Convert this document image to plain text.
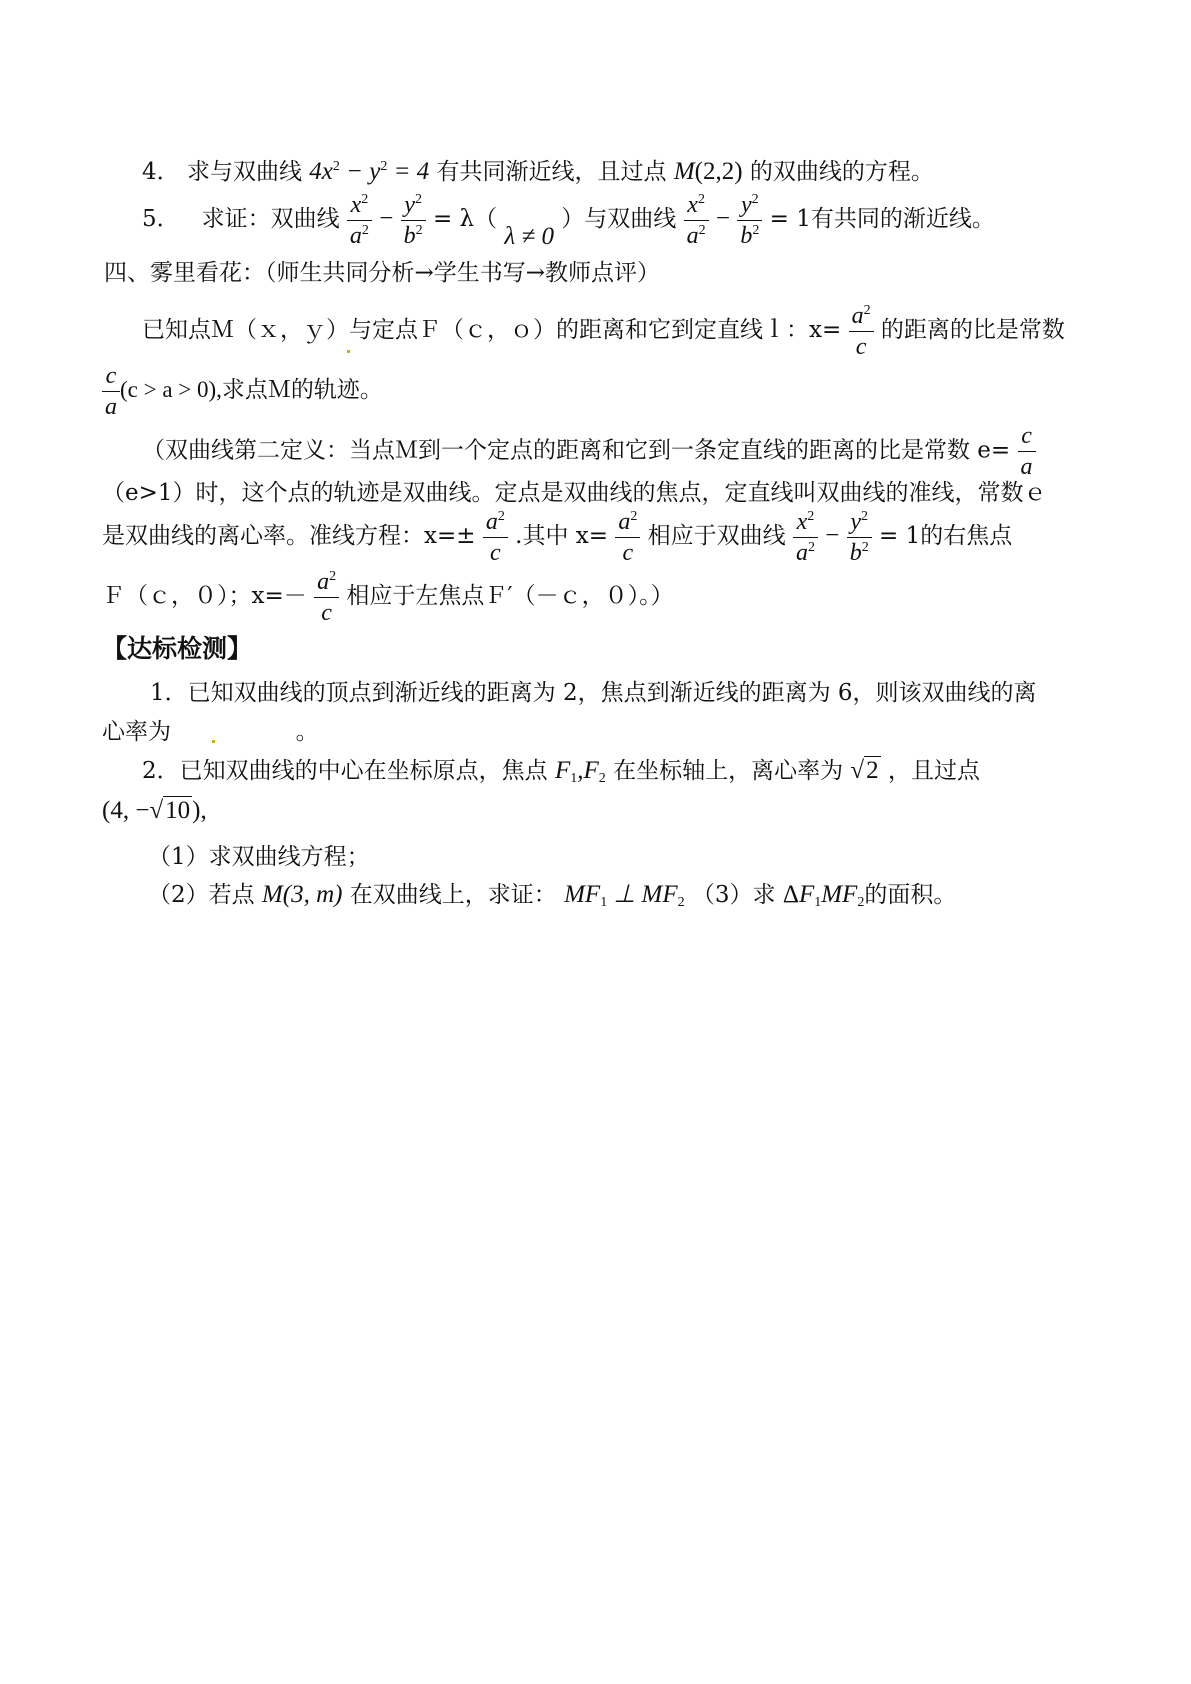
4． 求与双曲线 $4x^2 - y^2 = 4$ 有共同渐近线，且过点 M(2,2) 的双曲线的方程。
5． 求证：双曲线 $\frac{x^2}{a^2} - \frac{y^2}{b^2} = \lambda$（ λ ≠ 0 ）与双曲线 $\frac{x^2}{a^2} - \frac{y^2}{b^2} = 1$有共同的渐近线。
四、雾里看花：（师生共同分析→学生书写→教师点评）
已知点Ｍ（ｘ，ｙ）与定点Ｆ（ｃ，ｏ）的距离和它到定直线ｌ：$x= \frac{a^2}{c}$ 的距离的比是常数
$\frac{c}{a} (c > a > 0)$,求点Ｍ的轨迹。
（双曲线第二定义：当点Ｍ到一个定点的距离和它到一条定直线的距离的比是常数 $e= \frac{c}{a}$
（e>1）时，这个点的轨迹是双曲线。定点是双曲线的焦点，定直线叫双曲线的准线，常数ｅ
是双曲线的离心率。准线方程：$x=\pm \frac{a^2}{c}$ .其中 $x= \frac{a^2}{c}$ 相应于双曲线 $\frac{x^2}{a^2} - \frac{y^2}{b^2} = 1$的右焦点
Ｆ（ｃ，０）；$x=- \frac{a^2}{c}$ 相应于左焦点Ｆ′（－ｃ，０）。）
【达标检测】
1．已知双曲线的顶点到渐近线的距离为 2，焦点到渐近线的距离为 6，则该双曲线的离
心率为	。
2．已知双曲线的中心在坐标原点，焦点 $F_1,F_2$ 在坐标轴上，离心率为 √2 ，且过点
(4, −√10),
（1）求双曲线方程；
（2）若点 M(3, m) 在双曲线上，求证： $MF_1$ ⊥ $MF_2$ （3）求 $\Delta F_1MF_2$的面积。
